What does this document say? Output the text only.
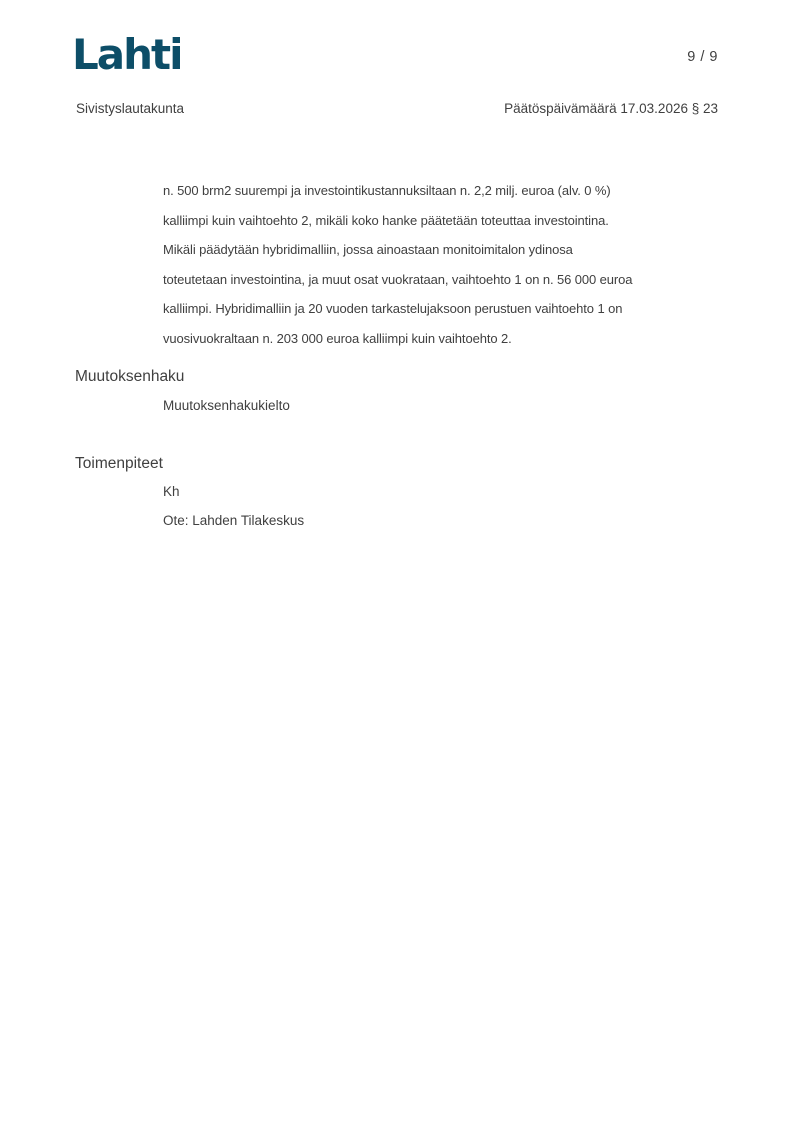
Lahti	9 / 9
Sivistyslautakunta	Päätöspäivämäärä 17.03.2026 § 23
n. 500 brm2 suurempi ja investointikustannuksiltaan n. 2,2 milj. euroa (alv. 0 %)
kalliimpi kuin vaihtoehto 2, mikäli koko hanke päätetään toteuttaa investointina.
Mikäli päädytään hybridimalliin, jossa ainoastaan monitoimitalon ydinosa
toteutetaan investointina, ja muut osat vuokrataan, vaihtoehto 1 on n. 56 000 euroa
kalliimpi. Hybridimalliin ja 20 vuoden tarkastelujaksoon perustuen vaihtoehto 1 on
vuosivuokraltaan n. 203 000 euroa kalliimpi kuin vaihtoehto 2.
Muutoksenhaku
Muutoksenhakukielto
Toimenpiteet
Kh
Ote: Lahden Tilakeskus
